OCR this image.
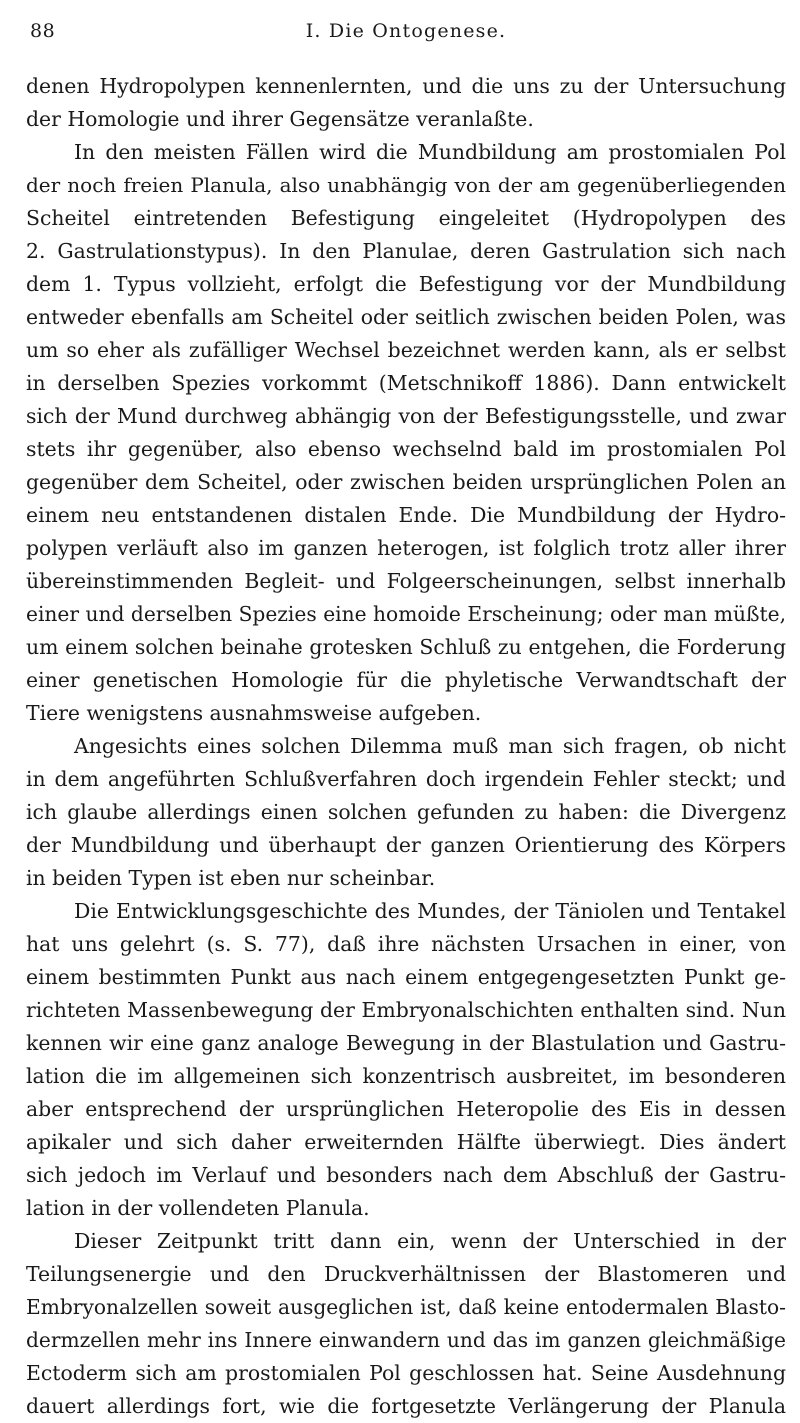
88	I. Die Ontogenese.
denen Hydropolypen kennenlernten, und die uns zu der Untersuchung
der Homologie und ihrer Gegensätze veranlaßte.
In den meisten Fällen wird die Mundbildung am prostomialen Pol
der noch freien Planula, also unabhängig von der am gegenüberliegenden
Scheitel eintretenden Befestigung eingeleitet (Hydropolypen des
2. Gastrulationstypus). In den Planulae, deren Gastrulation sich nach
dem 1. Typus vollzieht, erfolgt die Befestigung vor der Mundbildung
entweder ebenfalls am Scheitel oder seitlich zwischen beiden Polen, was
um so eher als zufälliger Wechsel bezeichnet werden kann, als er selbst
in derselben Spezies vorkommt (Metschnikoff 1886). Dann entwickelt
sich der Mund durchweg abhängig von der Befestigungsstelle, und zwar
stets ihr gegenüber, also ebenso wechselnd bald im prostomialen Pol
gegenüber dem Scheitel, oder zwischen beiden ursprünglichen Polen an
einem neu entstandenen distalen Ende. Die Mundbildung der Hydro-
polypen verläuft also im ganzen heterogen, ist folglich trotz aller ihrer
übereinstimmenden Begleit- und Folgeerscheinungen, selbst innerhalb
einer und derselben Spezies eine homoide Erscheinung; oder man müßte,
um einem solchen beinahe grotesken Schluß zu entgehen, die Forderung
einer genetischen Homologie für die phyletische Verwandtschaft der
Tiere wenigstens ausnahmsweise aufgeben.
Angesichts eines solchen Dilemma muß man sich fragen, ob nicht
in dem angeführten Schlußverfahren doch irgendein Fehler steckt; und
ich glaube allerdings einen solchen gefunden zu haben: die Divergenz
der Mundbildung und überhaupt der ganzen Orientierung des Körpers
in beiden Typen ist eben nur scheinbar.
Die Entwicklungsgeschichte des Mundes, der Täniolen und Tentakel
hat uns gelehrt (s. S. 77), daß ihre nächsten Ursachen in einer, von
einem bestimmten Punkt aus nach einem entgegengesetzten Punkt ge-
richteten Massenbewegung der Embryonalschichten enthalten sind. Nun
kennen wir eine ganz analoge Bewegung in der Blastulation und Gastru-
lation die im allgemeinen sich konzentrisch ausbreitet, im besonderen
aber entsprechend der ursprünglichen Heteropolie des Eis in dessen
apikaler und sich daher erweiternden Hälfte überwiegt. Dies ändert
sich jedoch im Verlauf und besonders nach dem Abschluß der Gastru-
lation in der vollendeten Planula.
Dieser Zeitpunkt tritt dann ein, wenn der Unterschied in der
Teilungsenergie und den Druckverhältnissen der Blastomeren und
Embryonalzellen soweit ausgeglichen ist, daß keine entodermalen Blasto-
dermzellen mehr ins Innere einwandern und das im ganzen gleichmäßige
Ectoderm sich am prostomialen Pol geschlossen hat. Seine Ausdehnung
dauert allerdings fort, wie die fortgesetzte Verlängerung der Planula
